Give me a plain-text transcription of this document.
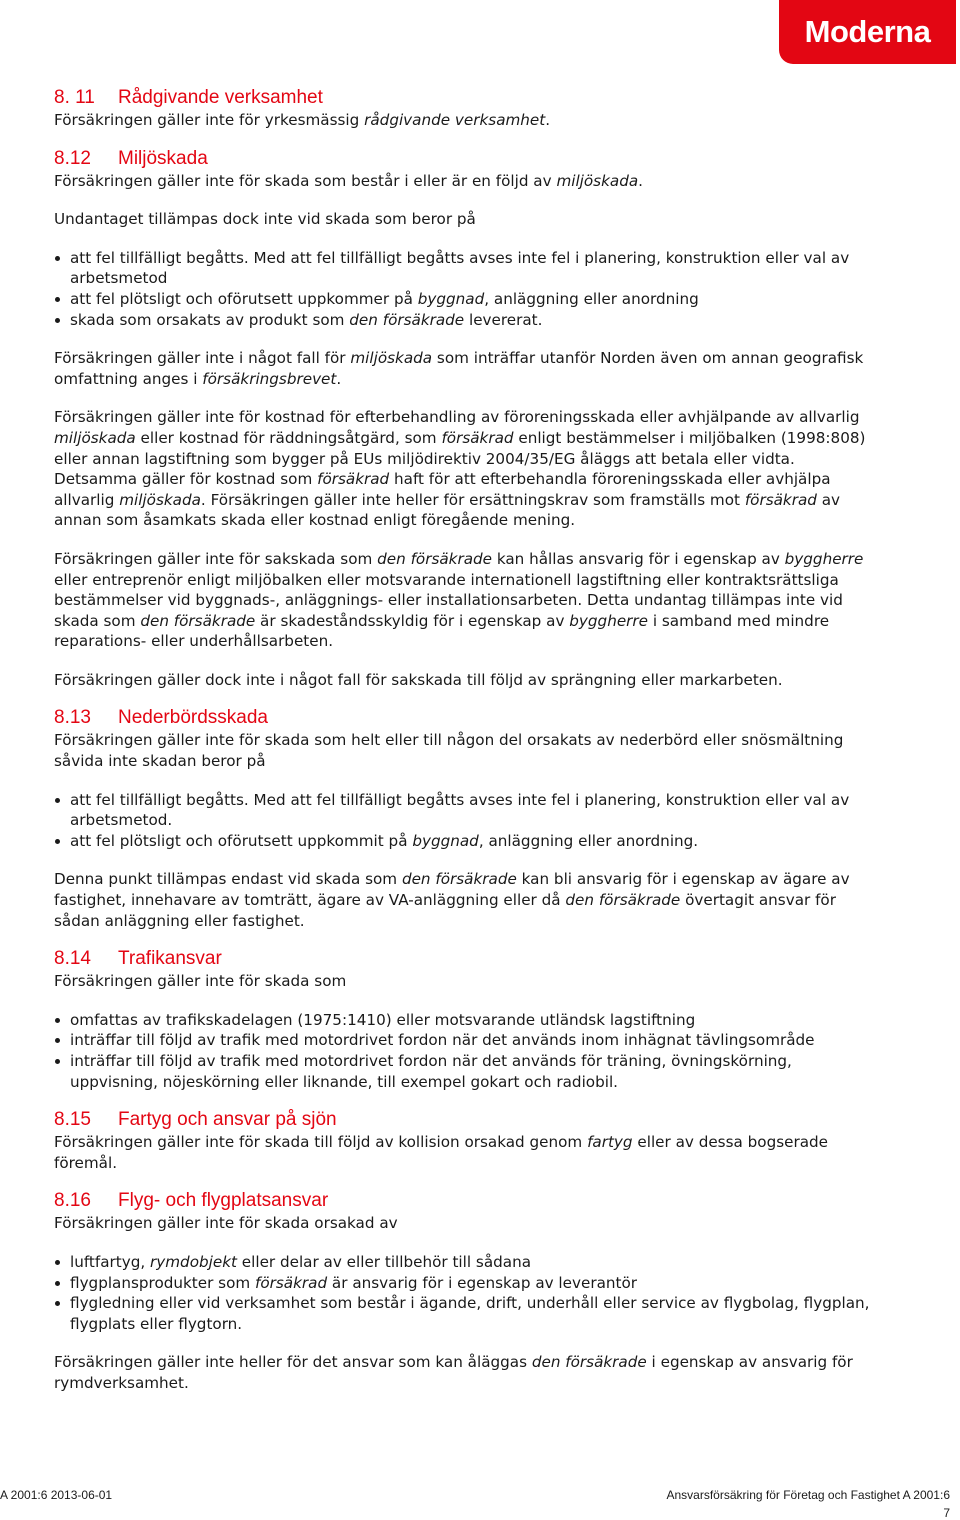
Moderna
8. 11 Rådgivande verksamhet

Försäkringen gäller inte för yrkesmässig rådgivande verksamhet.

8.12 Miljöskada

Försäkringen gäller inte för skada som består i eller är en följd av miljöskada.

Undantaget tillämpas dock inte vid skada som beror på

att fel tillfälligt begåtts. Med att fel tillfälligt begåtts avses inte fel i planering, konstruktion eller val av arbetsmetod
att fel plötsligt och oförutsett uppkommer på byggnad, anläggning eller anordning
skada som orsakats av produkt som den försäkrade levererat.

Försäkringen gäller inte i något fall för miljöskada som inträffar utanför Norden även om annan geografisk omfattning anges i försäkringsbrevet.

Försäkringen gäller inte för kostnad för efterbehandling av föroreningsskada eller avhjälpande av allvarlig miljöskada eller kostnad för räddningsåtgärd, som försäkrad enligt bestämmelser i miljöbalken (1998:808) eller annan lagstiftning som bygger på EUs miljödirektiv 2004/35/EG åläggs att betala eller vidta. Detsamma gäller för kostnad som försäkrad haft för att efterbehandla föroreningsskada eller avhjälpa allvarlig miljöskada. Försäkringen gäller inte heller för ersättningskrav som framställs mot försäkrad av annan som åsamkats skada eller kostnad enligt föregående mening.

Försäkringen gäller inte för sakskada som den försäkrade kan hållas ansvarig för i egenskap av byggherre eller entreprenör enligt miljöbalken eller motsvarande internationell lagstiftning eller kontraktsrättsliga bestämmelser vid byggnads-, anläggnings- eller installationsarbeten. Detta undantag tillämpas inte vid skada som den försäkrade är skadeståndsskyldig för i egenskap av byggherre i samband med mindre reparations- eller underhållsarbeten.

Försäkringen gäller dock inte i något fall för sakskada till följd av sprängning eller markarbeten.

8.13 Nederbördsskada

Försäkringen gäller inte för skada som helt eller till någon del orsakats av nederbörd eller snösmältning såvida inte skadan beror på

att fel tillfälligt begåtts. Med att fel tillfälligt begåtts avses inte fel i planering, konstruktion eller val av arbetsmetod.
att fel plötsligt och oförutsett uppkommit på byggnad, anläggning eller anordning.

Denna punkt tillämpas endast vid skada som den försäkrade kan bli ansvarig för i egenskap av ägare av fastighet, innehavare av tomträtt, ägare av VA-anläggning eller då den försäkrade övertagit ansvar för sådan anläggning eller fastighet.

8.14 Trafikansvar

Försäkringen gäller inte för skada som

omfattas av trafikskadelagen (1975:1410) eller motsvarande utländsk lagstiftning
inträffar till följd av trafik med motordrivet fordon när det används inom inhägnat tävlingsområde
inträffar till följd av trafik med motordrivet fordon när det används för träning, övningskörning, uppvisning, nöjeskörning eller liknande, till exempel gokart och radiobil.
8.15 Fartyg och ansvar på sjön

Försäkringen gäller inte för skada till följd av kollision orsakad genom fartyg eller av dessa bogserade föremål.

8.16 Flyg- och flygplatsansvar

Försäkringen gäller inte för skada orsakad av

luftfartyg, rymdobjekt eller delar av eller tillbehör till sådana
flygplansprodukter som försäkrad är ansvarig för i egenskap av leverantör
flygledning eller vid verksamhet som består i ägande, drift, underhåll eller service av flygbolag, flygplan, flygplats eller flygtorn.

Försäkringen gäller inte heller för det ansvar som kan åläggas den försäkrade i egenskap av ansvarig för rymdverksamhet.

A 2001:6 2013-06-01	Ansvarsförsäkring för Företag och Fastighet A 2001:6
7
